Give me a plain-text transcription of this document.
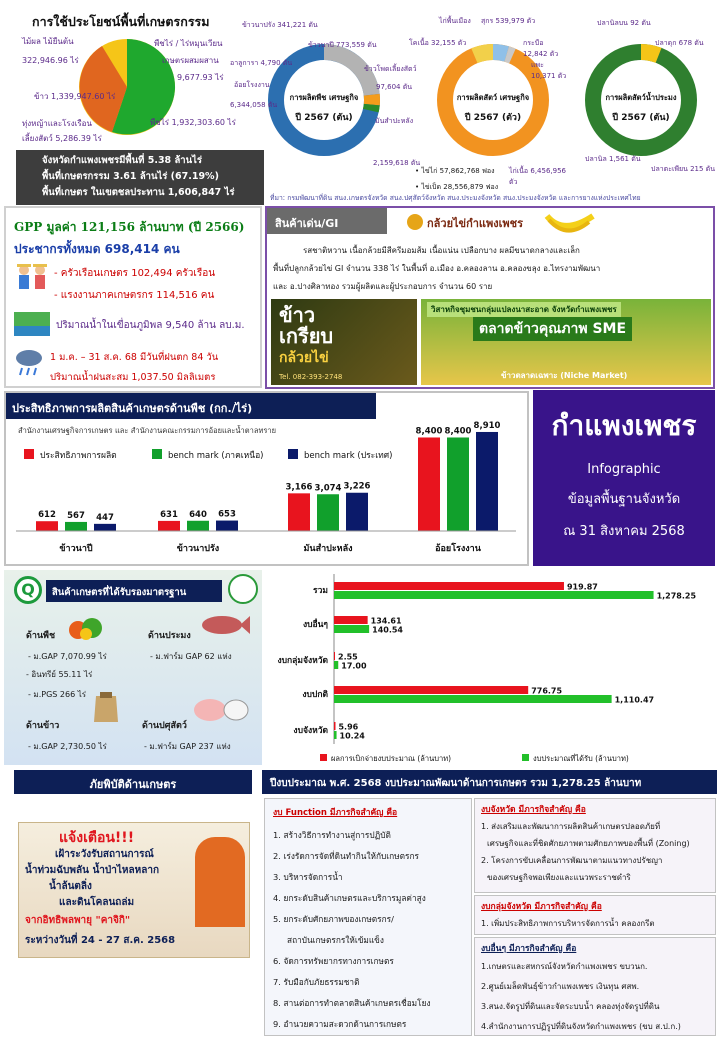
การใช้ประโยชน์พื้นที่เกษตรกรรม
ไม้ผล ไม้ยืนต้น
322,946.96 ไร่
พืชไร่ / ไร่หมุนเวียน
เกษตรผสมผสาน
9,677.93 ไร่
ข้าว 1,339,947.60 ไร่
พืชไร่ 1,932,303.60 ไร่
ทุ่งหญ้าและโรงเรือน
เลี้ยงสัตว์ 5,286.39 ไร่
จังหวัดกำแพงเพชรมีพื้นที่ 5.38 ล้านไร่
พื้นที่เกษตรกรรม 3.61 ล้านไร่ (67.19%)
พื้นที่เกษตร ในเขตชลประทาน 1,606,847 ไร่
การผลิตพืช เศรษฐกิจ
ปี 2567 (ตัน)
ข้าวนาปรัง 341,221 ตัน
ข้าวนาปี 773,559 ตัน
อาลูการา 4,790 ตัน
ข้าวโพดเลี้ยงสัตว์
97,604 ตัน
อ้อยโรงงาน
6,344,058 ตัน
มันสำปะหลัง
2,159,618 ตัน
การผลิตสัตว์ เศรษฐกิจ
ปี 2567 (ตัว)
ไก่พื้นเมือง สุกร 539,979 ตัว
โคเนื้อ 32,155 ตัว	กระบือ 12,842 ตัว
แพะ 10,371 ตัว
• ไข่ไก่ 57,862,768 ฟอง
• ไข่เป็ด 28,556,879 ฟอง
ไก่เนื้อ 6,456,956 ตัว
การผลิตสัตว์น้ำประมง
ปี 2567 (ตัน)
ปลานิลบน 92 ตัน
ปลาดุก 678 ตัน
ปลานิล 1,561 ตัน
ปลาตะเพียน 215 ตัน
ที่มา: กรมพัฒนาที่ดิน สนง.เกษตรจังหวัด สนง.ปศุสัตว์จังหวัด สนง.ประมงจังหวัด สนง.ประมงจังหวัด และการยางแห่งประเทศไทย
GPP มูลค่า 121,156 ล้านบาท (ปี 2566)
ประชากรทั้งหมด 698,414 คน
- ครัวเรือนเกษตร 102,494 ครัวเรือน
- แรงงานภาคเกษตรกร 114,516 คน
ปริมาณน้ำในเขื่อนภูมิพล 9,540 ล้าน ลบ.ม.
1 ม.ค. – 31 ส.ค. 68 มีวันที่ฝนตก 84 วัน
ปริมาณน้ำฝนสะสม 1,037.50 มิลลิเมตร
สินค้าเด่น/GI	กล้วยไข่กำแพงเพชร
รสชาติหวาน เนื้อกล้วยมีสีครีมอมส้ม เนื้อแน่น เปลือกบาง ผลมีขนาดกลางและเล็ก
พื้นที่ปลูกกล้วยไข่ GI จำนวน 338 ไร่ ในพื้นที่ อ.เมือง อ.คลองลาน อ.คลองขลุง อ.ไทรงามพัฒนา
และ อ.ปางศิลาทอง รวมผู้ผลิตและผู้ประกอบการ จำนวน 60 ราย
ข้าว
เกรียบ
กล้วยไข่
Tel. 082-393-2748
วิสาหกิจชุมชนกลุ่มแปลงนาสะอาด จังหวัดกำแพงเพชร
ตลาดข้าวคุณภาพ SME
ข้าวตลาดเฉพาะ (Niche Market)
ประสิทธิภาพการผลิตสินค้าเกษตรด้านพืช (กก./ไร่)
สำนักงานเศรษฐกิจการเกษตร และ สำนักงานคณะกรรมการอ้อยและน้ำตาลทราย
ประสิทธิภาพการผลิต	bench mark (ภาคเหนือ)	bench mark (ประเทศ)
612 567 447
ข้าวนาปี
631 640 653
ข้าวนาปรัง
3,166 3,074 3,226
มันสำปะหลัง
8,400 8,400
8,910
อ้อยโรงงาน
กำแพงเพชร
Infographic
ข้อมูลพื้นฐานจังหวัด
ณ 31 สิงหาคม 2568
Q	สินค้าเกษตรที่ได้รับรองมาตรฐาน
ด้านพืช
- ม.GAP 7,070.99 ไร่
- อินทรีย์ 55.11 ไร่
- ม.PGS 266 ไร่
ด้านประมง
- ม.ฟาร์ม GAP 62 แห่ง
ด้านข้าว
- ม.GAP 2,730.50 ไร่
ด้านปศุสัตว์
- ม.ฟาร์ม GAP 237 แห่ง
รวม	919.87
1,278.25
งบอื่นๆ	134.61
140.54
งบกลุ่มจังหวัด 2.55
17.00
งบปกติ	776.75
1,110.47
งบจังหวัด 5.96
10.24
ผลการเบิกจ่ายงบประมาณ (ล้านบาท)	งบประมาณที่ได้รับ (ล้านบาท)
ภัยพิบัติด้านเกษตร
แจ้งเตือน!!!
เฝ้าระวังรับสถานการณ์
น้ำท่วมฉับพลัน น้ำป่าไหลหลาก
น้ำล้นตลิ่ง
และดินโคลนถล่ม
จากอิทธิพลพายุ "คาจิกิ"
ระหว่างวันที่ 24 - 27 ส.ค. 2568
ปีงบประมาณ พ.ศ. 2568 งบประมาณพัฒนาด้านการเกษตร รวม 1,278.25 ล้านบาท
งบ Function มีภารกิจสำคัญ คือ
1. สร้างวิธีการทำงานสู่การปฏิบัติ
2. เร่งรัดการจัดที่ดินทำกินให้กับเกษตรกร
3. บริหารจัดการน้ำ
4. ยกระดับสินค้าเกษตรและบริการมูลค่าสูง
5. ยกระดับศักยภาพของเกษตรกร/
สถาบันเกษตรกรให้เข้มแข็ง
6. จัดการทรัพยากรทางการเกษตร
7. รับมือกับภัยธรรมชาติ
8. สานต่อการทำตลาดสินค้าเกษตรเชื่อมโยง
9. อำนวยความสะดวกด้านการเกษตร
งบจังหวัด มีภารกิจสำคัญ คือ
1. ส่งเสริมและพัฒนาการผลิตสินค้าเกษตรปลอดภัยที่
เศรษฐกิจและที่ชิดศักยภาพตามศักยภาพของพื้นที่ (Zoning)
2. โครงการขับเคลื่อนการพัฒนาตามแนวทางปรัชญา
ของเศรษฐกิจพอเพียงและแนวพระราชดำริ
งบกลุ่มจังหวัด มีภารกิจสำคัญ คือ
1. เพิ่มประสิทธิภาพการบริหารจัดการน้ำ คลองกรีต
งบอื่นๆ มีภารกิจสำคัญ คือ
1.เกษตรและสหกรณ์จังหวัดกำแพงเพชร ขบวนก.
2.ศูนย์เมล็ดพันธุ์ข้าวกำแพงเพชร เงินทุน ศสพ.
3.สนง.จัดรูปที่ดินและจัดระบบน้ำ คลองทุ่งจัดรูปที่ดิน
4.สำนักงานการปฏิรูปที่ดินจังหวัดกำแพงเพชร (ขบ ส.ป.ก.)
